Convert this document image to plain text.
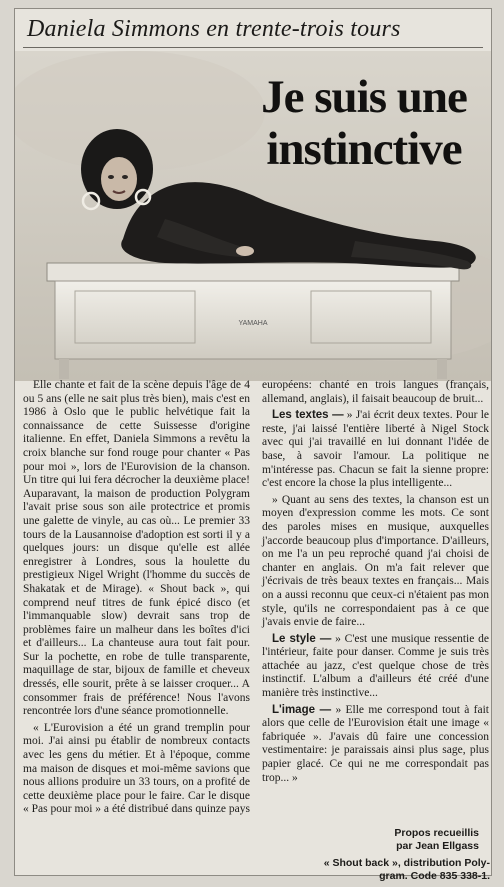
Daniela Simmons en trente-trois tours
YAMAHA
Je suis une
instinctive

Elle chante et fait de la scène depuis l'âge de 4 ou 5 ans (elle ne sait plus très bien), mais c'est en 1986 à Oslo que le public helvétique fait la connaissance de cette Suissesse d'origine italienne. En effet, Daniela Simmons a revêtu la croix blanche sur fond rouge pour chanter « Pas pour moi », lors de l'Eurovision de la chanson. Un titre qui lui fera décrocher la deuxième place! Auparavant, la maison de production Polygram l'avait prise sous son aile protectrice et promis une galette de vinyle, au cas où... Le premier 33 tours de la Lausannoise d'adoption est sorti il y a quelques jours: un disque qu'elle est allée enregistrer à Londres, sous la houlette du prestigieux Nigel Wright (l'homme du succès de Shakatak et de Mirage). « Shout back », qui comprend neuf titres de funk épicé disco (et l'immanquable slow) devrait sans trop de problèmes faire un malheur dans les boîtes d'ici et d'ailleurs... La chanteuse aura tout fait pour. Sur la pochette, en robe de tulle transparente, maquillage de star, bijoux de famille et cheveux dressés, elle sourit, prête à se laisser croquer... A consommer frais de préférence! Nous l'avons rencontrée lors d'une séance promotionnelle.

« L'Eurovision a été un grand tremplin pour moi. J'ai ainsi pu établir de nombreux contacts avec les gens du métier. Et à l'époque, comme ma maison de disques et moi-même savions que nous allions produire un 33 tours, on a profité de cette deuxième place pour le faire. Car le disque « Pas pour moi » a été distribué dans quinze pays européens: chanté en trois langues (français, allemand, anglais), il faisait beaucoup de bruit...

Les textes — » J'ai écrit deux textes. Pour le reste, j'ai laissé l'entière liberté à Nigel Stock avec qui j'ai travaillé en lui donnant l'idée de base, à savoir l'amour. La politique ne m'intéresse pas. Chacun se fait la sienne propre: c'est encore la chose la plus intelligente...

» Quant au sens des textes, la chanson est un moyen d'expression comme les mots. Ce sont des paroles mises en musique, auxquelles j'accorde beaucoup plus d'importance. D'ailleurs, on me l'a un peu reproché quand j'ai choisi de chanter en anglais. On m'a fait relever que j'écrivais de très beaux textes en français... Mais on a aussi reconnu que ceux-ci n'étaient pas mon style, qu'ils ne correspondaient pas à ce que j'avais envie de faire...

Le style — » C'est une musique ressentie de l'intérieur, faite pour danser. Comme je suis très attachée au jazz, c'est quelque chose de très instinctif. L'album a d'ailleurs été créé d'une manière très instinctive...

L'image — » Elle me correspond tout à fait alors que celle de l'Eurovision était une image « fabriquée ». J'avais dû faire une concession vestimentaire: je paraissais ainsi plus sage, plus papier glacé. Ce qui ne me correspondait pas trop... »

Propos recueillis
par Jean Ellgass
« Shout back », distribution Poly-
gram. Code 835 338-1.
